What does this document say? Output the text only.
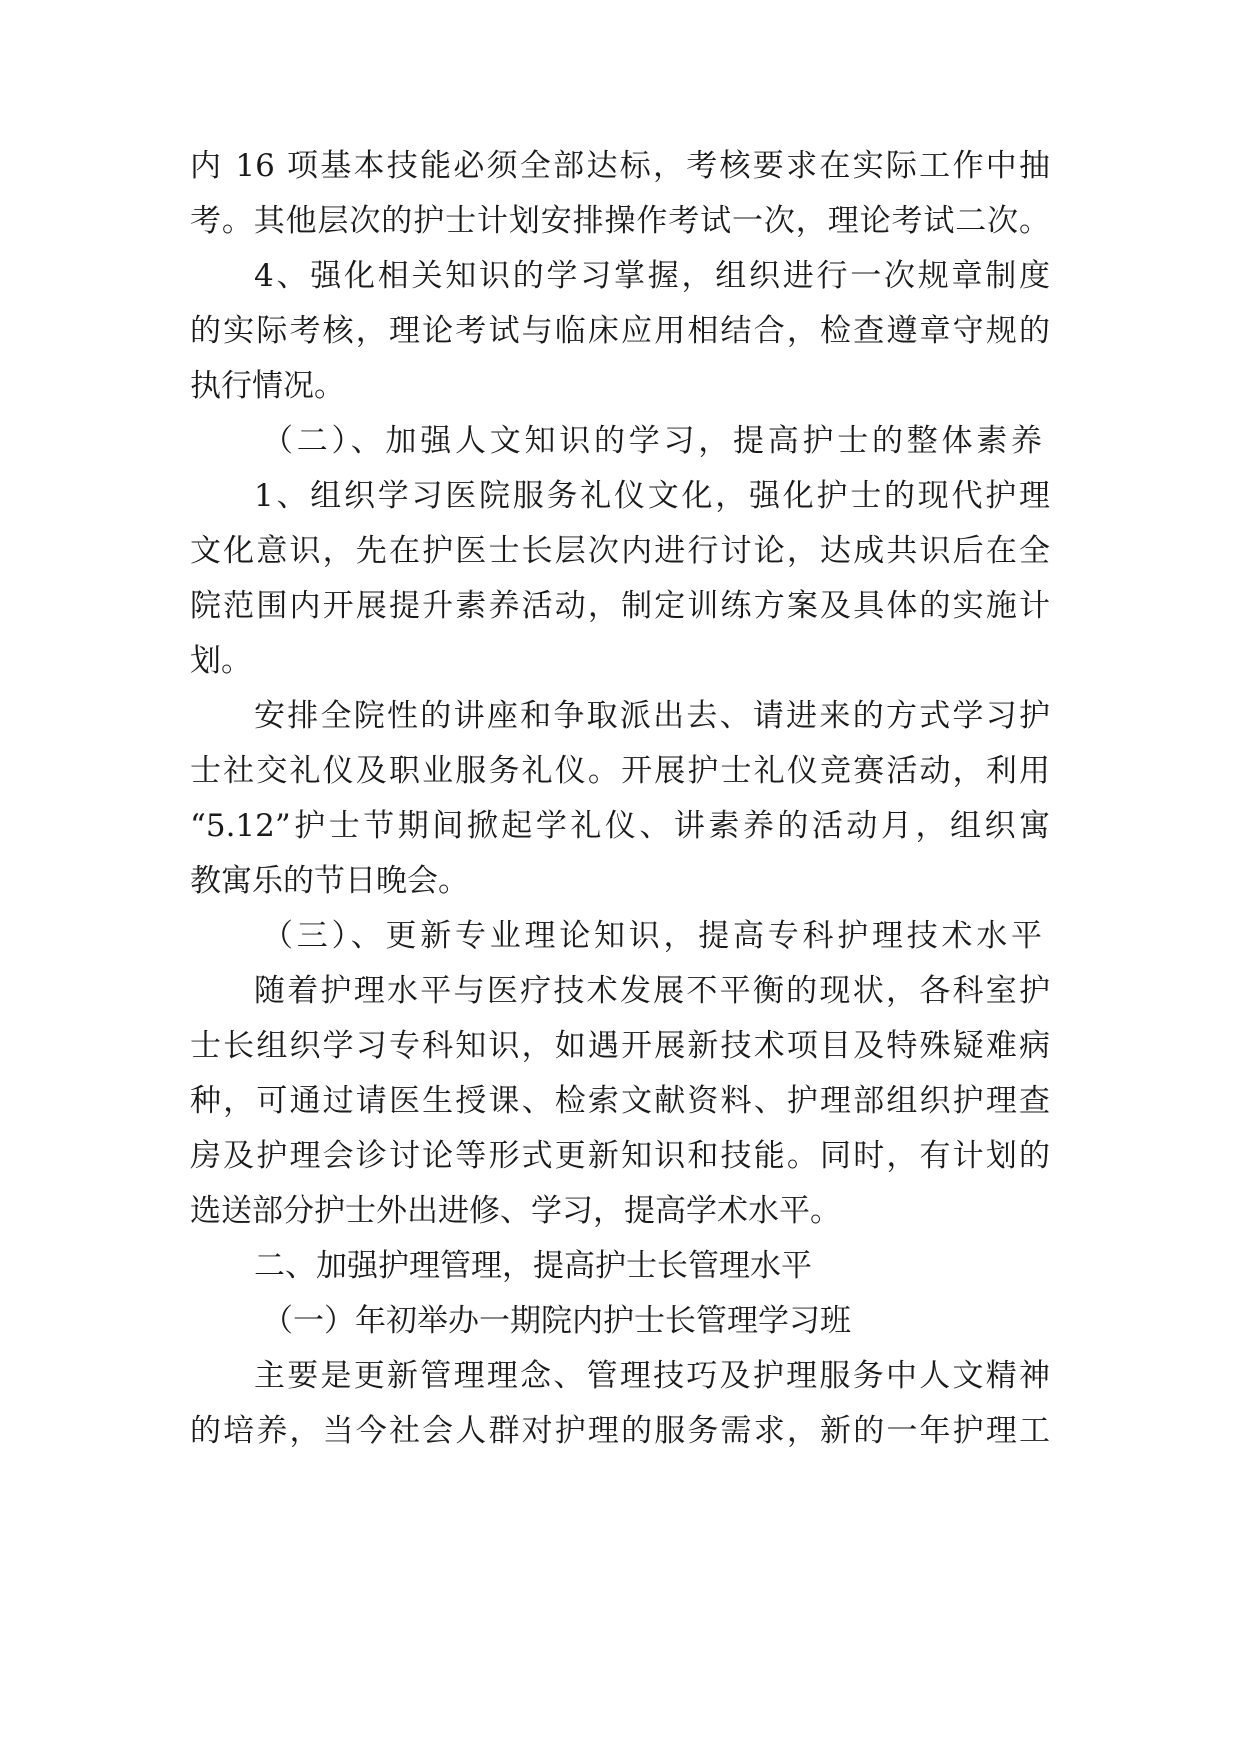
内 16 项基本技能必须全部达标，考核要求在实际工作中抽

考。其他层次的护士计划安排操作考试一次，理论考试二次。

4、强化相关知识的学习掌握，组织进行一次规章制度

的实际考核，理论考试与临床应用相结合，检查遵章守规的

执行情况。

（二）、加强人文知识的学习，提高护士的整体素养

1、组织学习医院服务礼仪文化，强化护士的现代护理

文化意识，先在护医士长层次内进行讨论，达成共识后在全

院范围内开展提升素养活动，制定训练方案及具体的实施计

划。

安排全院性的讲座和争取派出去、请进来的方式学习护

士社交礼仪及职业服务礼仪。开展护士礼仪竞赛活动，利用

“5.12”护士节期间掀起学礼仪、讲素养的活动月，组织寓

教寓乐的节日晚会。

（三）、更新专业理论知识，提高专科护理技术水平

随着护理水平与医疗技术发展不平衡的现状，各科室护

士长组织学习专科知识，如遇开展新技术项目及特殊疑难病

种，可通过请医生授课、检索文献资料、护理部组织护理查

房及护理会诊讨论等形式更新知识和技能。同时，有计划的

选送部分护士外出进修、学习，提高学术水平。

二、加强护理管理，提高护士长管理水平

（一）年初举办一期院内护士长管理学习班

主要是更新管理理念、管理技巧及护理服务中人文精神

的培养，当今社会人群对护理的服务需求，新的一年护理工
